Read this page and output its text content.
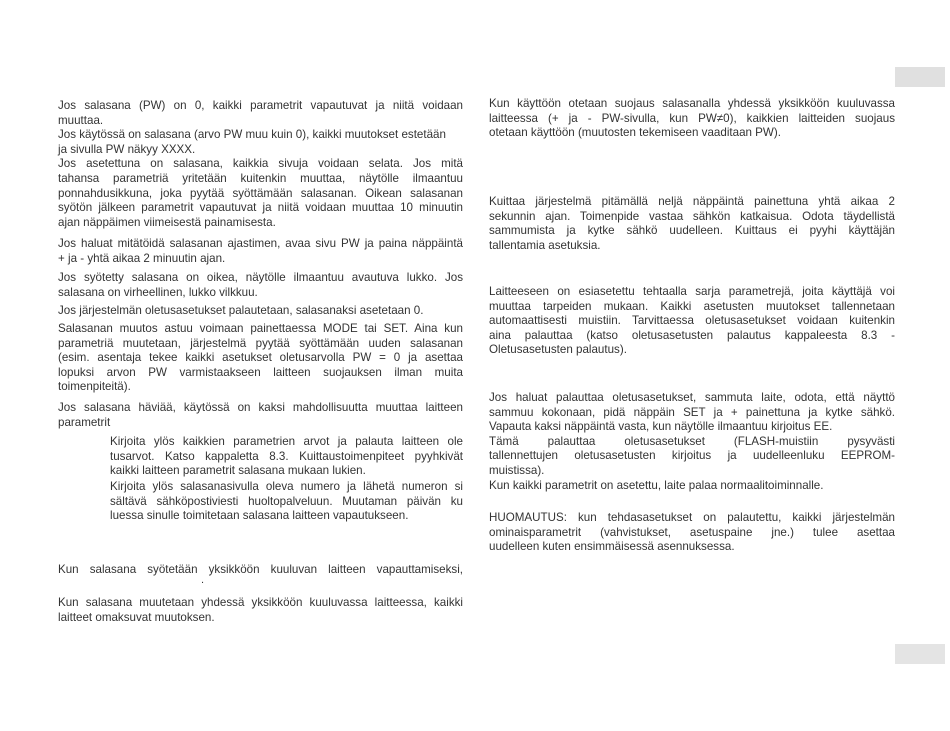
Jos salasana (PW) on 0, kaikki parametrit vapautuvat ja niitä voidaan
muuttaa.
Jos käytössä on salasana (arvo PW muu kuin 0), kaikki muutokset estetään
ja sivulla PW näkyy XXXX.
Jos asetettuna on salasana, kaikkia sivuja voidaan selata. Jos mitä
tahansa parametriä yritetään kuitenkin muuttaa, näytölle ilmaantuu
ponnahdusikkuna, joka pyytää syöttämään salasanan. Oikean salasanan
syötön jälkeen parametrit vapautuvat ja niitä voidaan muuttaa 10 minuutin
ajan näppäimen viimeisestä painamisesta.
Jos haluat mitätöidä salasanan ajastimen, avaa sivu PW ja paina näppäintä
+ ja - yhtä aikaa 2 minuutin ajan.
Jos syötetty salasana on oikea, näytölle ilmaantuu avautuva lukko. Jos
salasana on virheellinen, lukko vilkkuu.
Jos järjestelmän oletusasetukset palautetaan, salasanaksi asetetaan 0.
Salasanan muutos astuu voimaan painettaessa MODE tai SET. Aina kun
parametriä muutetaan, järjestelmä pyytää syöttämään uuden salasanan
(esim. asentaja tekee kaikki asetukset oletusarvolla PW = 0 ja asettaa
lopuksi arvon PW varmistaakseen laitteen suojauksen ilman muita
toimenpiteitä).
Jos salasana häviää, käytössä on kaksi mahdollisuutta muuttaa laitteen
parametrit
Kirjoita ylös kaikkien parametrien arvot ja palauta laitteen ole
tusarvot. Katso kappaletta 8.3. Kuittaustoimenpiteet pyyhkivät
kaikki laitteen parametrit salasana mukaan lukien.
Kirjoita ylös salasanasivulla oleva numero ja lähetä numeron si
sältävä sähköpostiviesti huoltopalveluun. Muutaman päivän ku
luessa sinulle toimitetaan salasana laitteen vapautukseen.
Kun salasana syötetään yksikköön kuuluvan laitteen vapauttamiseksi,
.
Kun salasana muutetaan yhdessä yksikköön kuuluvassa laitteessa, kaikki
laitteet omaksuvat muutoksen.
Kun käyttöön otetaan suojaus salasanalla yhdessä yksikköön kuuluvassa
laitteessa (+ ja - PW-sivulla, kun PW≠0), kaikkien laitteiden suojaus
otetaan käyttöön (muutosten tekemiseen vaaditaan PW).
Kuittaa järjestelmä pitämällä neljä näppäintä painettuna yhtä aikaa 2
sekunnin ajan. Toimenpide vastaa sähkön katkaisua. Odota täydellistä
sammumista ja kytke sähkö uudelleen. Kuittaus ei pyyhi käyttäjän
tallentamia asetuksia.
Laitteeseen on esiasetettu tehtaalla sarja parametrejä, joita käyttäjä voi
muuttaa tarpeiden mukaan. Kaikki asetusten muutokset tallennetaan
automaattisesti muistiin. Tarvittaessa oletusasetukset voidaan kuitenkin
aina palauttaa (katso oletusasetusten palautus kappaleesta 8.3 -
Oletusasetusten palautus).
Jos haluat palauttaa oletusasetukset, sammuta laite, odota, että näyttö
sammuu kokonaan, pidä näppäin SET ja + painettuna ja kytke sähkö.
Vapauta kaksi näppäintä vasta, kun näytölle ilmaantuu kirjoitus EE.
Tämä palauttaa oletusasetukset (FLASH-muistiin pysyvästi
tallennettujen oletusasetusten kirjoitus ja uudelleenluku EEPROM-
muistissa).
Kun kaikki parametrit on asetettu, laite palaa normaalitoiminnalle.
HUOMAUTUS: kun tehdasasetukset on palautettu, kaikki järjestelmän
ominaisparametrit (vahvistukset, asetuspaine jne.) tulee asettaa
uudelleen kuten ensimmäisessä asennuksessa.
